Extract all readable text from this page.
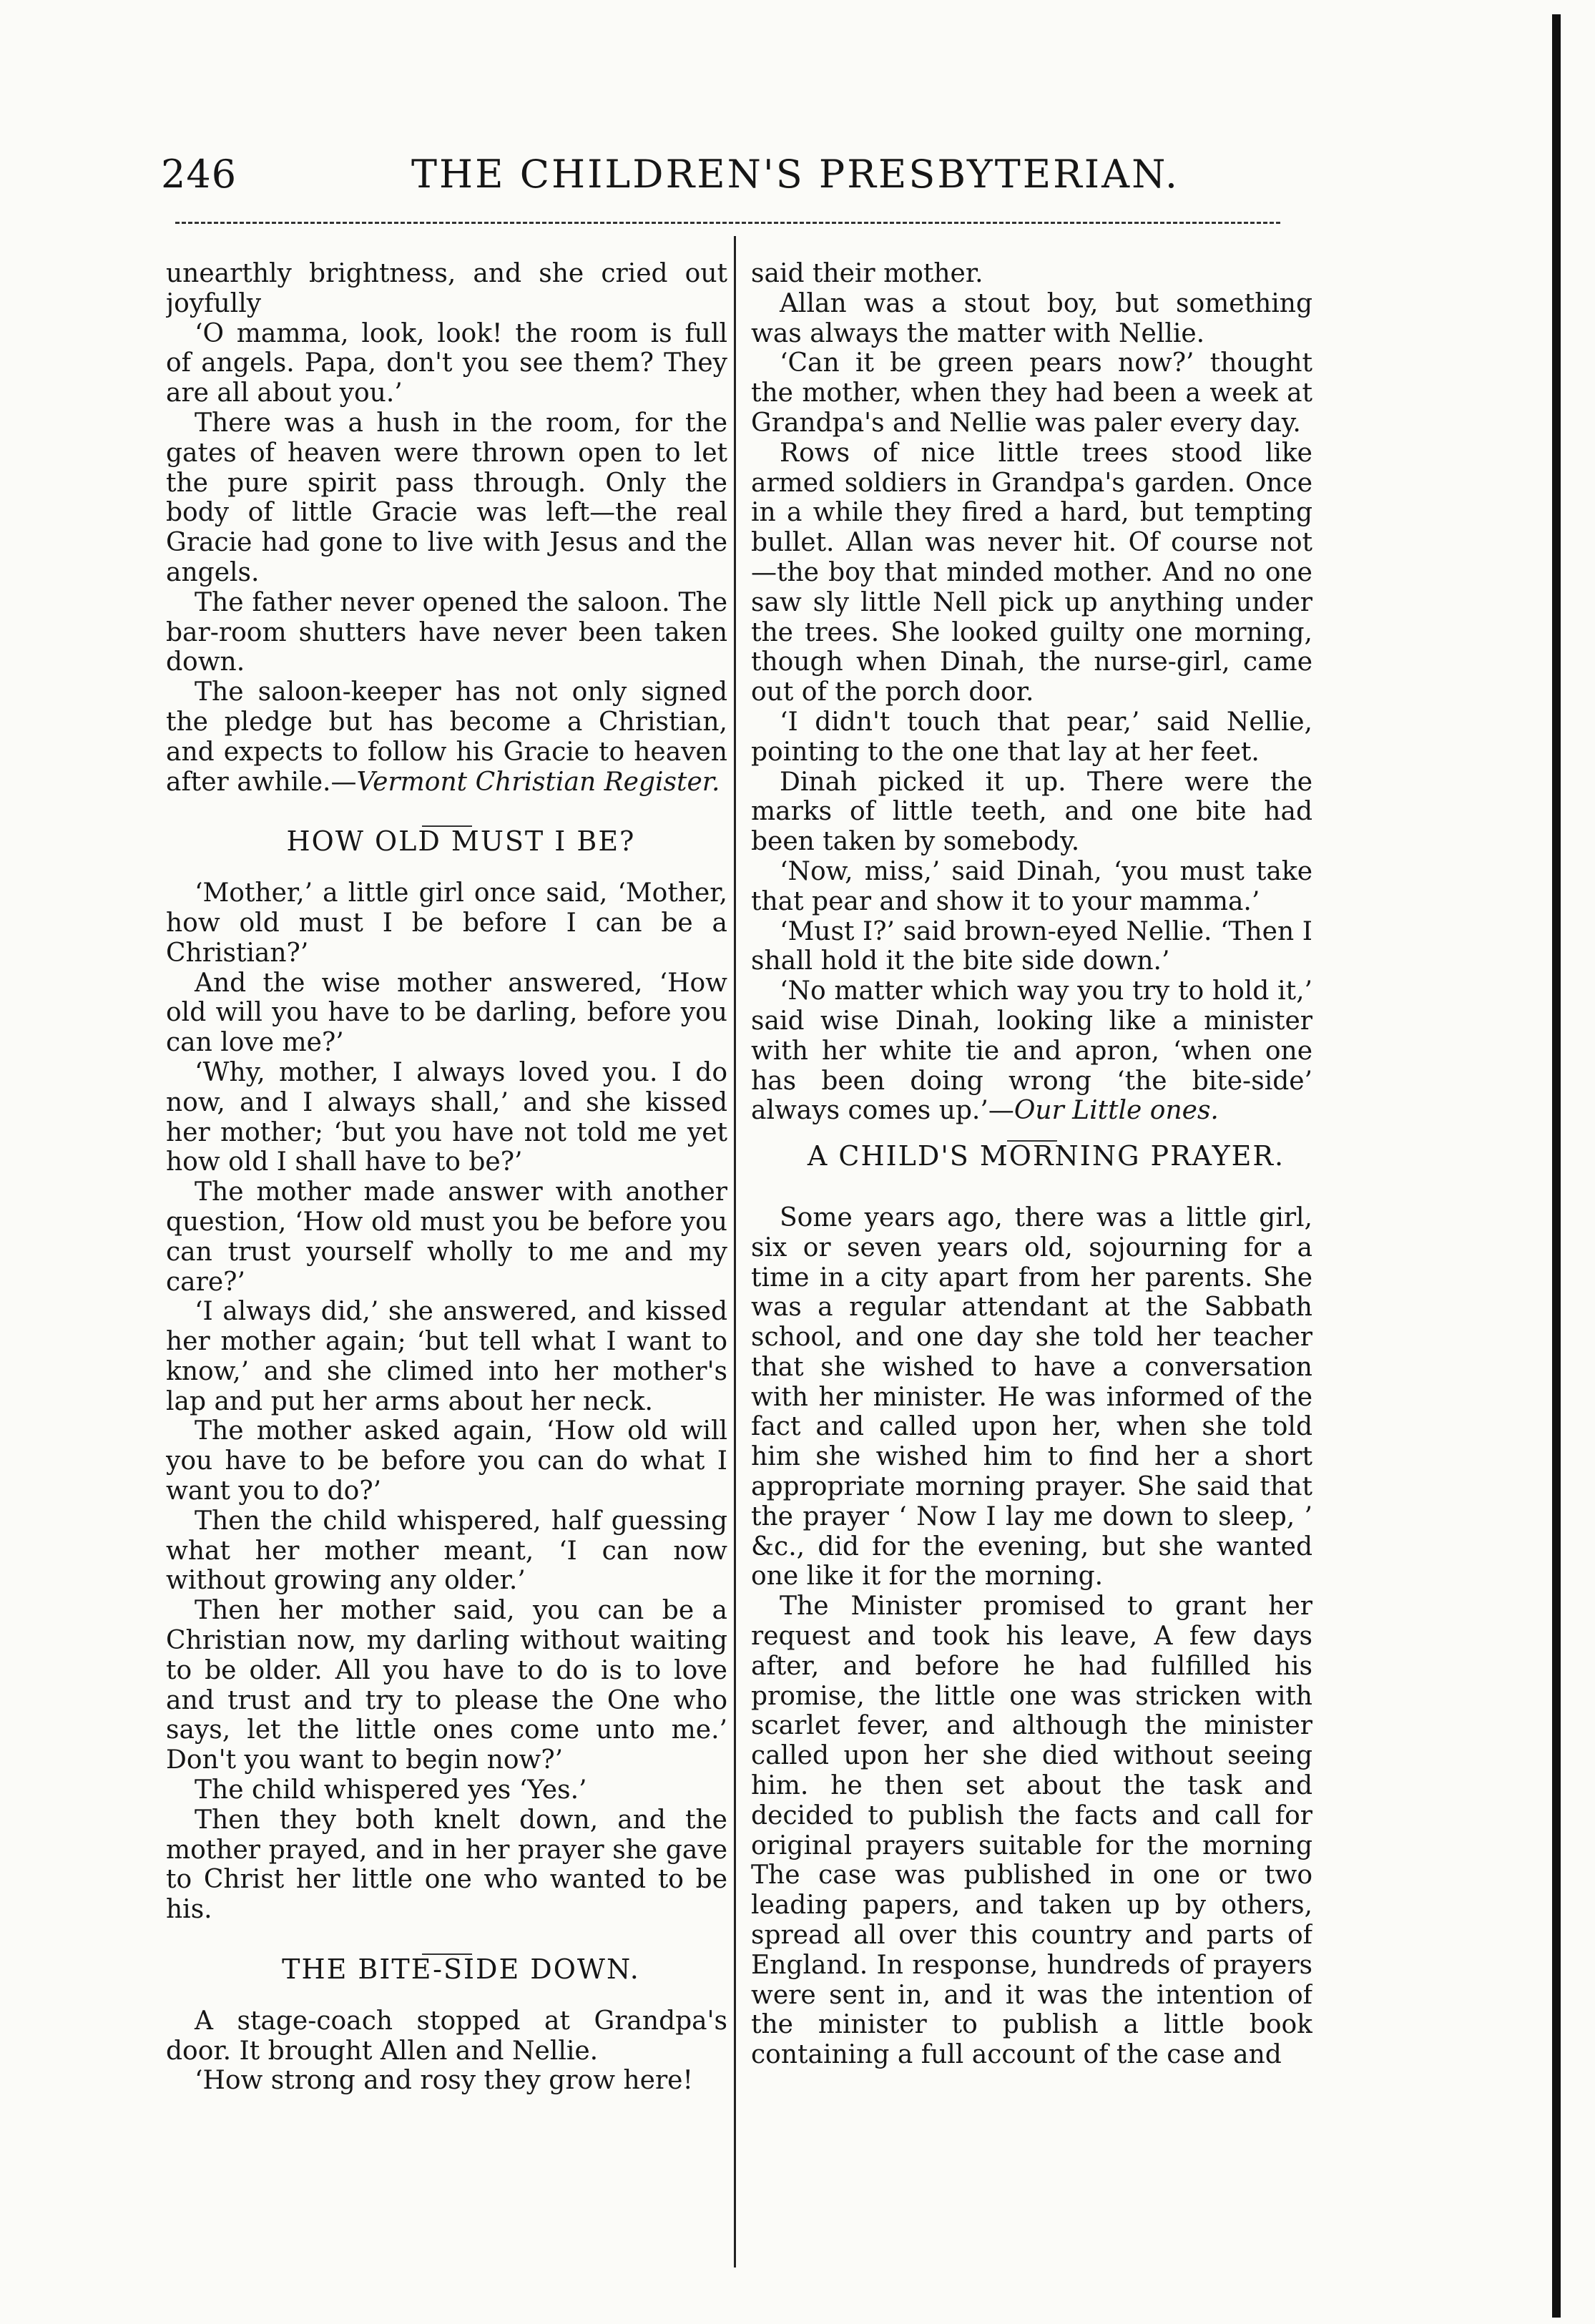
246	THE CHILDREN'S PRESBYTERIAN.

unearthly brightness, and she cried out joyfully

‘O mamma, look, look! the room is full of angels. Papa, don't you see them? They are all about you.’

There was a hush in the room, for the gates of heaven were thrown open to let the pure spirit pass through. Only the body of little Gracie was left—the real Gracie had gone to live with Jesus and the angels.

The father never opened the saloon. The bar-room shutters have never been taken down.

The saloon-keeper has not only signed the pledge but has become a Christian, and expects to follow his Gracie to heaven after awhile.—Vermont Christian Register.

HOW OLD MUST I BE?

‘Mother,’ a little girl once said, ‘Mother, how old must I be before I can be a Christian?’

And the wise mother answered, ‘How old will you have to be darling, before you can love me?’

‘Why, mother, I always loved you. I do now, and I always shall,’ and she kissed her mother; ‘but you have not told me yet how old I shall have to be?’

The mother made answer with another question, ‘How old must you be before you can trust yourself wholly to me and my care?’

‘I always did,’ she answered, and kissed her mother again; ‘but tell what I want to know,’ and she climed into her mother's lap and put her arms about her neck.

The mother asked again, ‘How old will you have to be before you can do what I want you to do?’

Then the child whispered, half guessing what her mother meant, ‘I can now without growing any older.’

Then her mother said, you can be a Christian now, my darling without waiting to be older. All you have to do is to love and trust and try to please the One who says, let the little ones come unto me.’ Don't you want to begin now?’

The child whispered yes ‘Yes.’

Then they both knelt down, and the mother prayed, and in her prayer she gave to Christ her little one who wanted to be his.

THE BITE-SIDE DOWN.

A stage-coach stopped at Grandpa's door. It brought Allen and Nellie.

‘How strong and rosy they grow here!

said their mother.

Allan was a stout boy, but something was always the matter with Nellie.

‘Can it be green pears now?’ thought the mother, when they had been a week at Grandpa's and Nellie was paler every day.

Rows of nice little trees stood like armed soldiers in Grandpa's garden. Once in a while they fired a hard, but tempting bullet. Allan was never hit. Of course not—the boy that minded mother. And no one saw sly little Nell pick up anything under the trees. She looked guilty one morning, though when Dinah, the nurse-girl, came out of the porch door.

‘I didn't touch that pear,’ said Nellie, pointing to the one that lay at her feet.

Dinah picked it up. There were the marks of little teeth, and one bite had been taken by somebody.

‘Now, miss,’ said Dinah, ‘you must take that pear and show it to your mamma.’

‘Must I?’ said brown-eyed Nellie. ‘Then I shall hold it the bite side down.’

‘No matter which way you try to hold it,’ said wise Dinah, looking like a minister with her white tie and apron, ‘when one has been doing wrong ‘the bite-side’ always comes up.’—Our Little ones.

A CHILD'S MORNING PRAYER.

Some years ago, there was a little girl, six or seven years old, sojourning for a time in a city apart from her parents. She was a regular attendant at the Sabbath school, and one day she told her teacher that she wished to have a conversation with her minister. He was informed of the fact and called upon her, when she told him she wished him to find her a short appropriate morning prayer. She said that the prayer ‘ Now I lay me down to sleep, ’ &c., did for the evening, but she wanted one like it for the morning.

The Minister promised to grant her request and took his leave, A few days after, and before he had fulfilled his promise, the little one was stricken with scarlet fever, and although the minister called upon her she died without seeing him. he then set about the task and decided to publish the facts and call for original prayers suitable for the morning The case was published in one or two leading papers, and taken up by others, spread all over this country and parts of England. In response, hundreds of prayers were sent in, and it was the intention of the minister to publish a little book containing a full account of the case and
